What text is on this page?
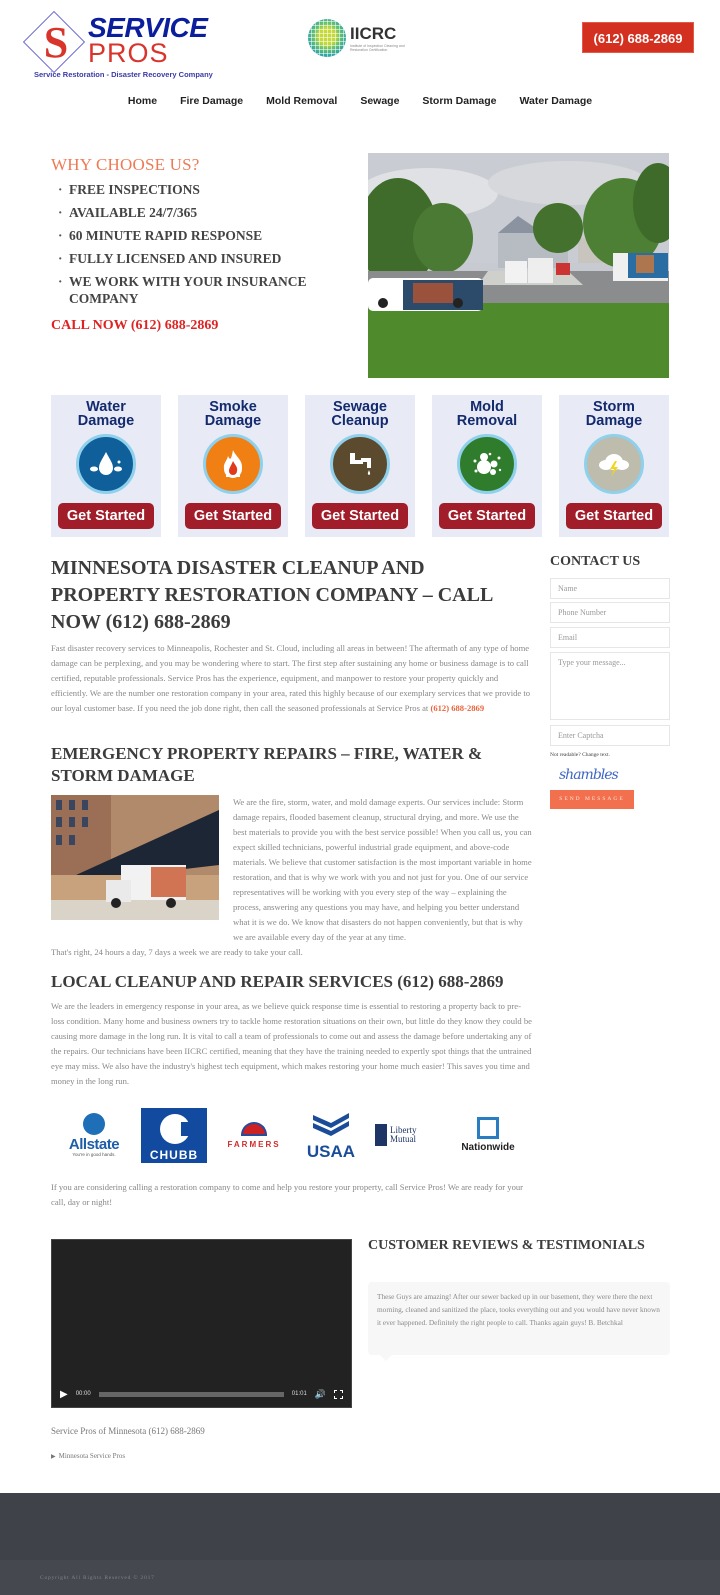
S SERVICE
PROS
Service Restoration - Disaster Recovery Company
IICRC
Institute of Inspection Cleaning and Restoration Certification
(612) 688-2869
Home	Fire Damage	Mold Removal	Sewage	Storm Damage	Water Damage
WHY CHOOSE US?
· FREE INSPECTIONS
· AVAILABLE 24/7/365
· 60 MINUTE RAPID RESPONSE
· FULLY LICENSED AND INSURED
· WE WORK WITH YOUR INSURANCE COMPANY
CALL NOW (612) 688-2869
Water
Damage
Get Started
Smoke
Damage
Get Started
Sewage
Cleanup
Get Started
Mold
Removal
Get Started
Storm
Damage
Get Started
MINNESOTA DISASTER CLEANUP AND PROPERTY RESTORATION COMPANY – CALL NOW (612) 688-2869

Fast disaster recovery services to Minneapolis, Rochester and St. Cloud, including all areas in between! The aftermath of any type of home damage can be perplexing, and you may be wondering where to start. The first step after sustaining any home or business damage is to call certified, reputable professionals. Service Pros has the experience, equipment, and manpower to restore your property quickly and efficiently. We are the number one restoration company in your area, rated this highly because of our exemplary services that we provide to our loyal customer base. If you need the job done right, then call the seasoned professionals at Service Pros at (612) 688-2869

EMERGENCY PROPERTY REPAIRS – FIRE, WATER & STORM DAMAGE

We are the fire, storm, water, and mold damage experts. Our services include: Storm damage repairs, flooded basement cleanup, structural drying, and more. We use the best materials to provide you with the best service possible! When you call us, you can expect skilled technicians, powerful industrial grade equipment, and above-code materials. We believe that customer satisfaction is the most important variable in home restoration, and that is why we work with you and not just for you. One of our service representatives will be working with you every step of the way – explaining the process, answering any questions you may have, and helping you better understand what it is we do. We know that disasters do not happen conveniently, but that is why we are available every day of the year at any time.

That's right, 24 hours a day, 7 days a week we are ready to take your call.

LOCAL CLEANUP AND REPAIR SERVICES (612) 688-2869

We are the leaders in emergency response in your area, as we believe quick response time is essential to restoring a property back to pre-loss condition. Many home and business owners try to tackle home restoration situations on their own, but little do they know they could be causing more damage in the long run. It is vital to call a team of professionals to come out and assess the damage before undertaking any of the repairs. Our technicians have been IICRC certified, meaning that they have the training needed to expertly spot things that the untrained eye may miss. We also have the industry's highest tech equipment, which makes restoring your home much easier! This saves you time and money in the long run.

Allstate
You're in good hands.	CHUBB
FARMERS	USAA
Liberty Mutual
Nationwide

If you are considering calling a restoration company to come and help you restore your property, call Service Pros! We are ready for your call, day or night!

CONTACT US
Name
Phone Number
Email
Type your message...
Enter Captcha
Not readable? Change text.
shambles
SEND MESSAGE
▶ 00:00	01:01 🔊
Service Pros of Minnesota (612) 688-2869
▶  Minnesota Service Pros
CUSTOMER REVIEWS & TESTIMONIALS
These Guys are amazing! After our sewer backed up in our basement, they were there the next morning, cleaned and sanitized the place, tooks everything out and you would have never known it ever happened. Definitely the right people to call. Thanks again guys! B. Betchkal
Copyright All Rights Reserved © 2017
